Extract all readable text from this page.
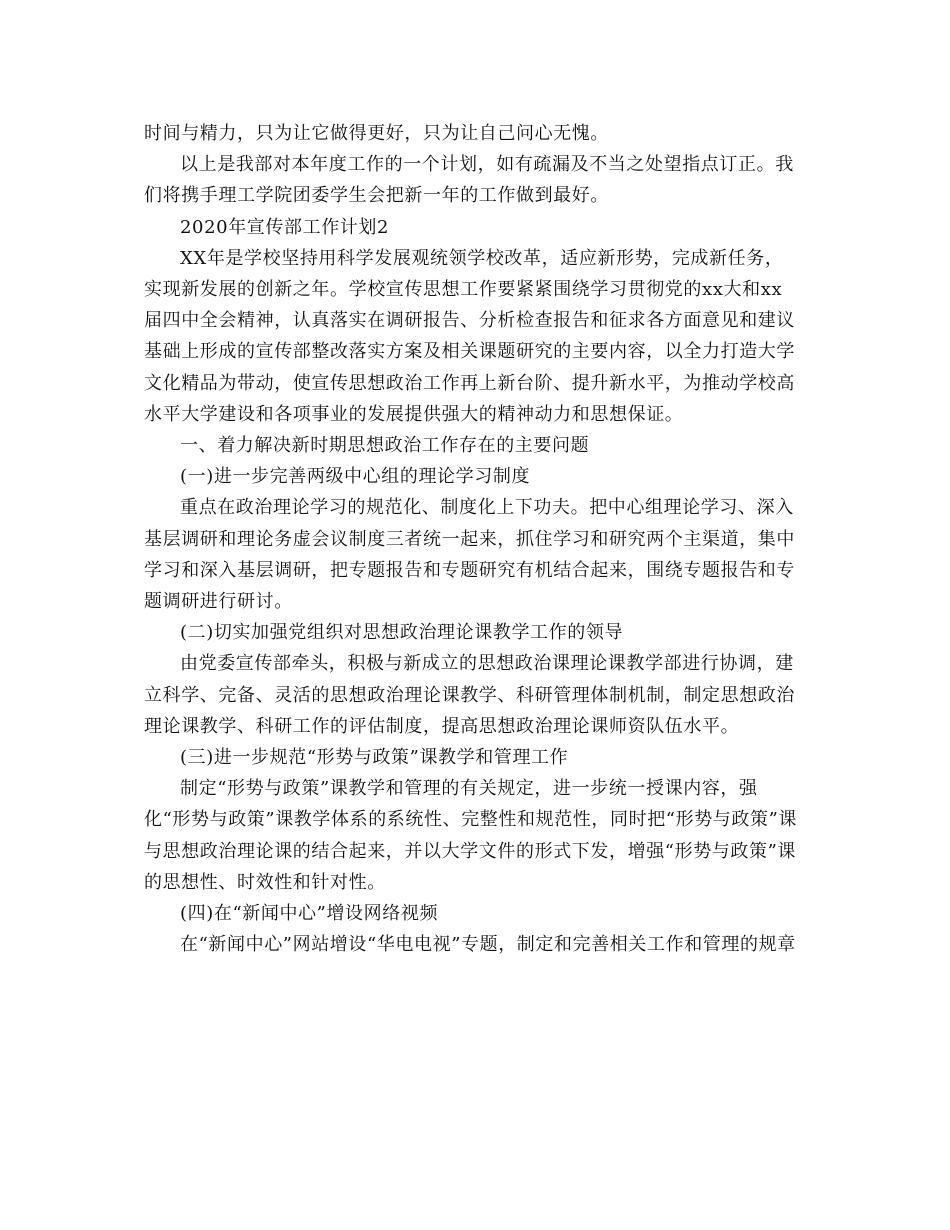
时间与精力，只为让它做得更好，只为让自己问心无愧。

以上是我部对本年度工作的一个计划，如有疏漏及不当之处望指点订正。我们将携手理工学院团委学生会把新一年的工作做到最好。

2020年宣传部工作计划2

XX年是学校坚持用科学发展观统领学校改革，适应新形势，完成新任务，实现新发展的创新之年。学校宣传思想工作要紧紧围绕学习贯彻党的xx大和xx届四中全会精神，认真落实在调研报告、分析检查报告和征求各方面意见和建议基础上形成的宣传部整改落实方案及相关课题研究的主要内容，以全力打造大学文化精品为带动，使宣传思想政治工作再上新台阶、提升新水平，为推动学校高水平大学建设和各项事业的发展提供强大的精神动力和思想保证。

一、着力解决新时期思想政治工作存在的主要问题

(一)进一步完善两级中心组的理论学习制度

重点在政治理论学习的规范化、制度化上下功夫。把中心组理论学习、深入基层调研和理论务虚会议制度三者统一起来，抓住学习和研究两个主渠道，集中学习和深入基层调研，把专题报告和专题研究有机结合起来，围绕专题报告和专题调研进行研讨。

(二)切实加强党组织对思想政治理论课教学工作的领导

由党委宣传部牵头，积极与新成立的思想政治课理论课教学部进行协调，建立科学、完备、灵活的思想政治理论课教学、科研管理体制机制，制定思想政治理论课教学、科研工作的评估制度，提高思想政治理论课师资队伍水平。

(三)进一步规范“形势与政策”课教学和管理工作

制定“形势与政策”课教学和管理的有关规定，进一步统一授课内容，强化“形势与政策”课教学体系的系统性、完整性和规范性，同时把“形势与政策”课与思想政治理论课的结合起来，并以大学文件的形式下发，增强“形势与政策”课的思想性、时效性和针对性。

(四)在“新闻中心”增设网络视频

在“新闻中心”网站增设“华电电视”专题，制定和完善相关工作和管理的规章
